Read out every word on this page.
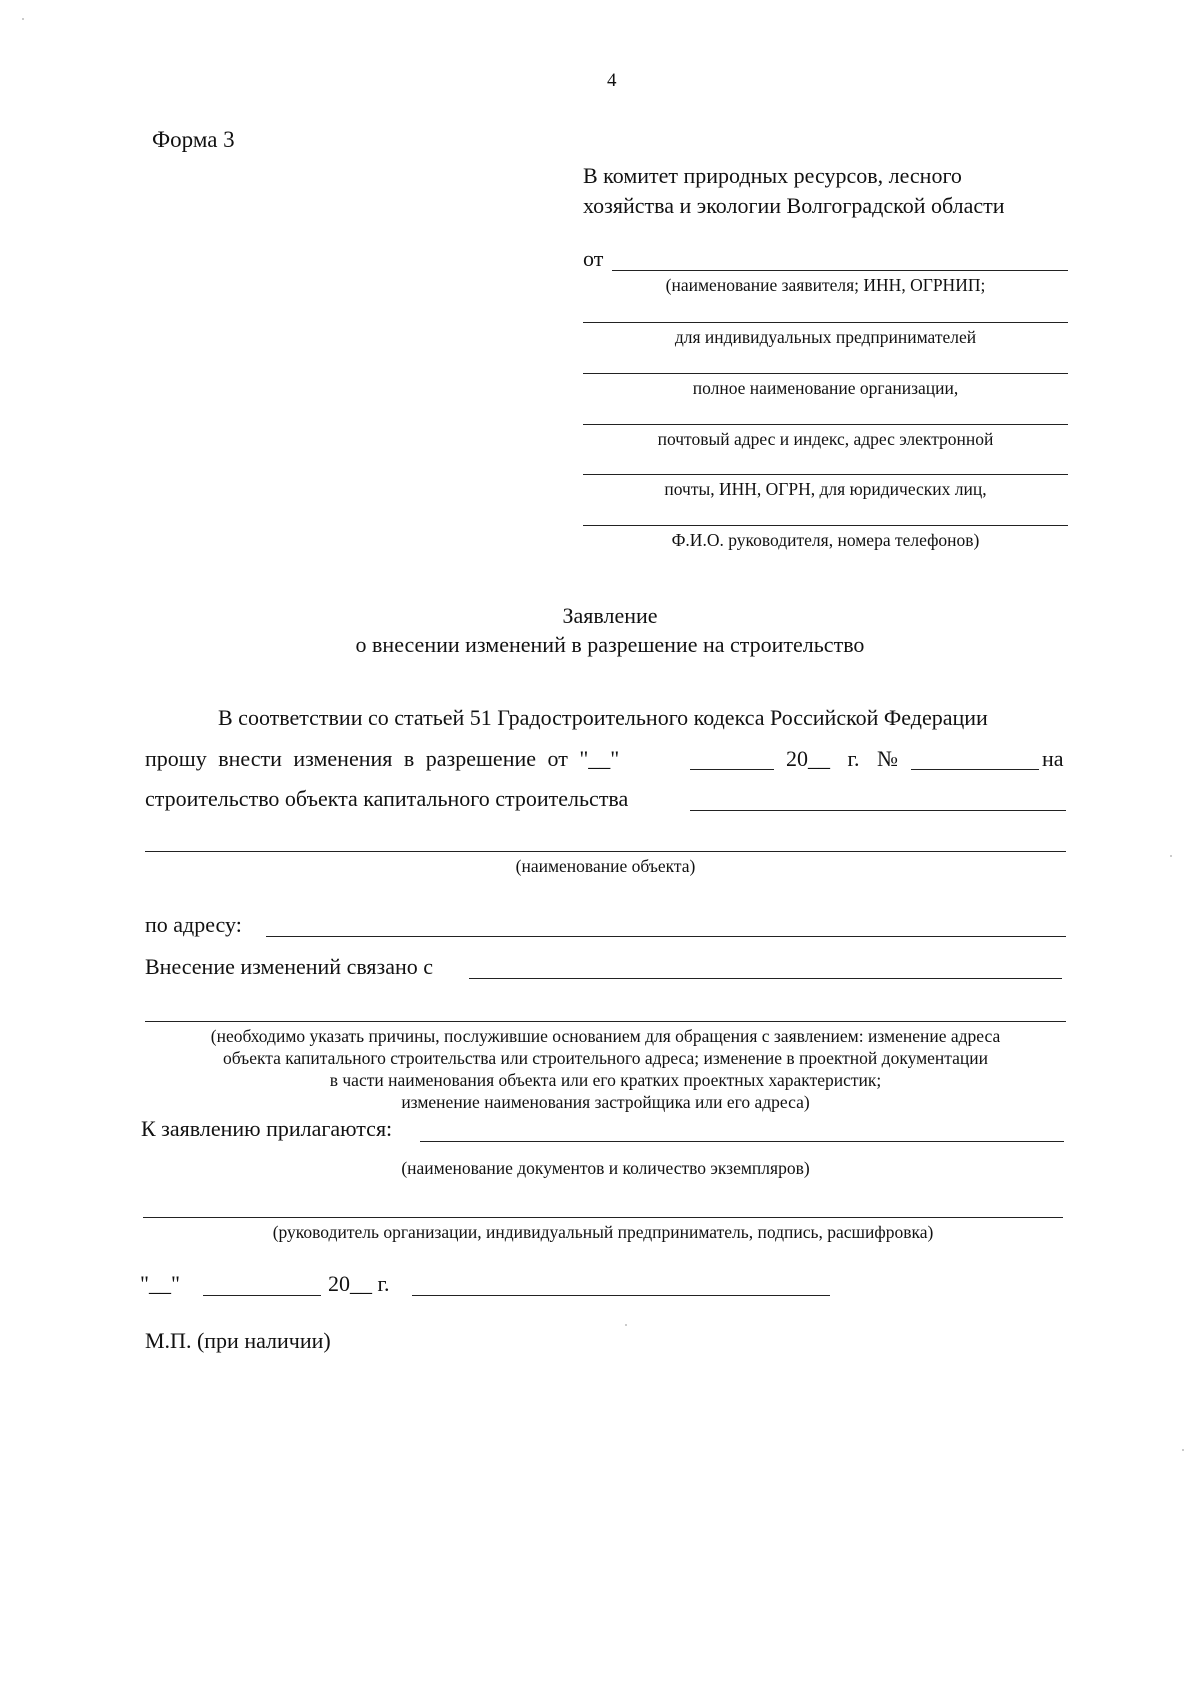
4
Форма 3
В комитет природных ресурсов, лесного
хозяйства и экологии Волгоградской области
от
(наименование заявителя; ИНН, ОГРНИП;
для индивидуальных предпринимателей
полное наименование организации,
почтовый адрес и индекс, адрес электронной
почты, ИНН, ОГРН, для юридических лиц,
Ф.И.О. руководителя, номера телефонов)
Заявление
о внесении изменений в разрешение на строительство
В соответствии со статьей 51 Градостроительного кодекса Российской Федерации
прошу внести изменения в разрешение от "__"	20__ г. №	на
строительство объекта капитального строительства
(наименование объекта)
по адресу:
Внесение изменений связано с
(необходимо указать причины, послужившие основанием для обращения с заявлением: изменение адреса
объекта капитального строительства или строительного адреса; изменение в проектной документации
в части наименования объекта или его кратких проектных характеристик;
изменение наименования застройщика или его адреса)
К заявлению прилагаются:
(наименование документов и количество экземпляров)
(руководитель организации, индивидуальный предприниматель, подпись, расшифровка)
"__"	20__ г.
М.П. (при наличии)
